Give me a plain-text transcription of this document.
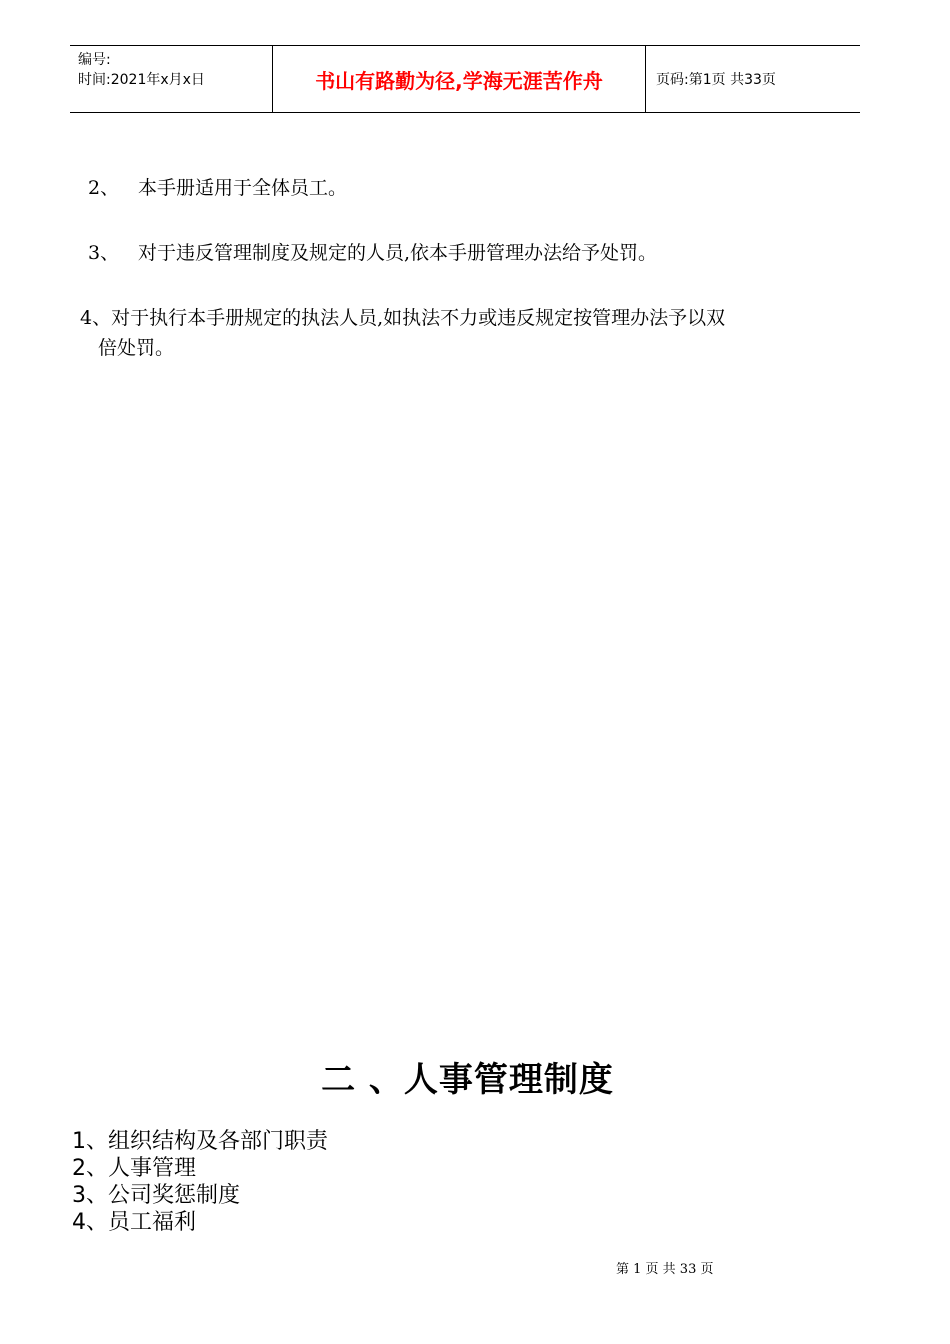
编号:
时间:2021年x月x日	书山有路勤为径,学海无涯苦作舟	页码:第1页 共33页
2、 本手册适用于全体员工。
3、 对于违反管理制度及规定的人员,依本手册管理办法给予处罚。
4、对于执行本手册规定的执法人员,如执法不力或违反规定按管理办法予以双
倍处罚。
二 、人事管理制度
1、组织结构及各部门职责
2、人事管理
3、公司奖惩制度
4、员工福利
第 1 页 共 33 页
